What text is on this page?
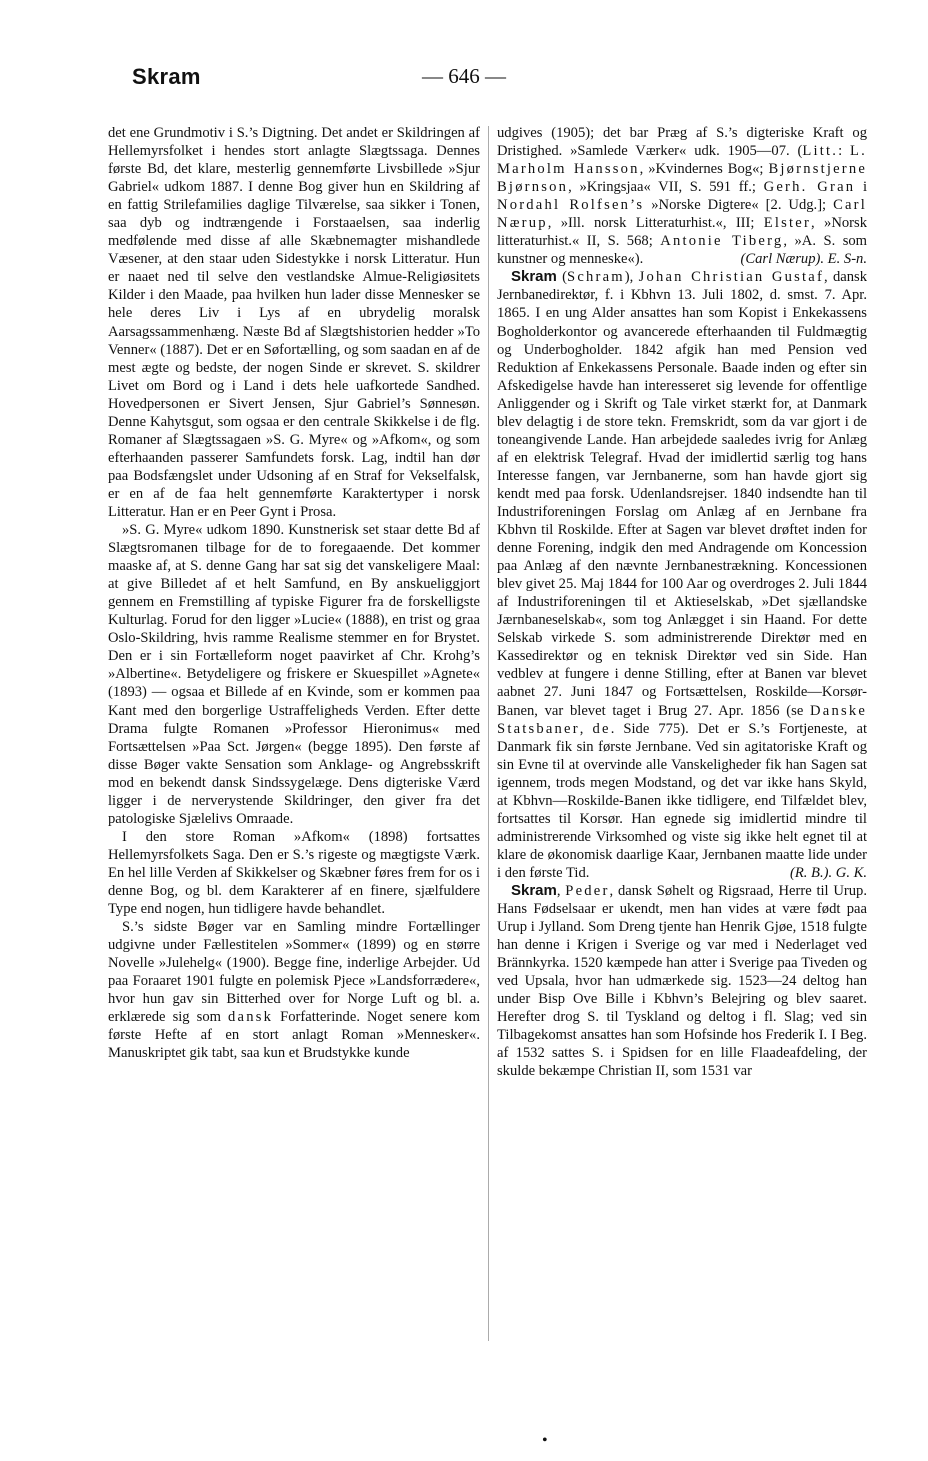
Skram	— 646 —

det ene Grundmotiv i S.’s Digtning. Det andet er Skildringen af Hellemyrsfolket i hendes stort anlagte Slægtssaga. Dennes første Bd, det klare, mesterlig gennemførte Livsbillede »Sjur Gabriel« udkom 1887. I denne Bog giver hun en Skildring af en fattig Strilefamilies daglige Tilværelse, saa sikker i Tonen, saa dyb og indtrængende i Forstaaelsen, saa inderlig medfølende med disse af alle Skæbnemagter mishandlede Væsener, at den staar uden Sidestykke i norsk Litteratur. Hun er naaet ned til selve den vestlandske Almue-Religiøsitets Kilder i den Maade, paa hvilken hun lader disse Mennesker se hele deres Liv i Lys af en ubrydelig moralsk Aarsagssammenhæng. Næste Bd af Slægtshistorien hedder »To Venner« (1887). Det er en Søfortælling, og som saadan en af de mest ægte og bedste, der nogen Sinde er skrevet. S. skildrer Livet om Bord og i Land i dets hele uafkortede Sandhed. Hovedpersonen er Sivert Jensen, Sjur Gabriel’s Sønnesøn. Denne Kahytsgut, som ogsaa er den centrale Skikkelse i de flg. Romaner af Slægtssagaen »S. G. Myre« og »Afkom«, og som efterhaanden passerer Samfundets forsk. Lag, indtil han dør paa Bodsfængslet under Udsoning af en Straf for Vekselfalsk, er en af de faa helt gennemførte Karaktertyper i norsk Litteratur. Han er en Peer Gynt i Prosa.

»S. G. Myre« udkom 1890. Kunstnerisk set staar dette Bd af Slægtsromanen tilbage for de to foregaaende. Det kommer maaske af, at S. denne Gang har sat sig det vanskeligere Maal: at give Billedet af et helt Samfund, en By anskueliggjort gennem en Fremstilling af typiske Figurer fra de forskelligste Kulturlag. Forud for den ligger »Lucie« (1888), en trist og graa Oslo-Skildring, hvis ramme Realisme stemmer en for Brystet. Den er i sin Fortælleform noget paavirket af Chr. Krohg’s »Albertine«. Betydeligere og friskere er Skuespillet »Agnete« (1893) — ogsaa et Billede af en Kvinde, som er kommen paa Kant med den borgerlige Ustraffeligheds Verden. Efter dette Drama fulgte Romanen »Professor Hieronimus« med Fortsættelsen »Paa Sct. Jørgen« (begge 1895). Den første af disse Bøger vakte Sensation som Anklage- og Angrebsskrift mod en bekendt dansk Sindssygelæge. Dens digteriske Værd ligger i de nerverystende Skildringer, den giver fra det patologiske Sjælelivs Omraade.

I den store Roman »Afkom« (1898) fortsattes Hellemyrsfolkets Saga. Den er S.’s rigeste og mægtigste Værk. En hel lille Verden af Skikkelser og Skæbner føres frem for os i denne Bog, og bl. dem Karakterer af en finere, sjælfuldere Type end nogen, hun tidligere havde behandlet.

S.’s sidste Bøger var en Samling mindre Fortællinger udgivne under Fællestitelen »Sommer« (1899) og en større Novelle »Julehelg« (1900). Begge fine, inderlige Arbejder. Ud paa Foraaret 1901 fulgte en polemisk Pjece »Landsforrædere«, hvor hun gav sin Bitterhed over for Norge Luft og bl. a. erklærede sig som dansk Forfatterinde. Noget senere kom første Hefte af en stort anlagt Roman »Mennesker«. Manuskriptet gik tabt, saa kun et Brudstykke kunde

udgives (1905); det bar Præg af S.’s digteriske Kraft og Dristighed. »Samlede Værker« udk. 1905—07. (Litt.: L. Marholm Hansson, »Kvindernes Bog«; Bjørnstjerne Bjørnson, »Kringsjaa« VII, S. 591 ff.; Gerh. Gran i Nordahl Rolfsen’s »Norske Digtere« [2. Udg.]; Carl Nærup, »Ill. norsk Litteraturhist.«, III; Elster, »Norsk litteraturhist.« II, S. 568; Antonie Tiberg, »A. S. som kunstner og menneske«).	(Carl Nærup). E. S-n.

Skram (Schram), Johan Christian Gustaf, dansk Jernbanedirektør, f. i Kbhvn 13. Juli 1802, d. smst. 7. Apr. 1865. I en ung Alder ansattes han som Kopist i Enkekassens Bogholderkontor og avancerede efterhaanden til Fuldmægtig og Underbogholder. 1842 afgik han med Pension ved Reduktion af Enkekassens Personale. Baade inden og efter sin Afskedigelse havde han interesseret sig levende for offentlige Anliggender og i Skrift og Tale virket stærkt for, at Danmark blev delagtig i de store tekn. Fremskridt, som da var gjort i de toneangivende Lande. Han arbejdede saaledes ivrig for Anlæg af en elektrisk Telegraf. Hvad der imidlertid særlig tog hans Interesse fangen, var Jernbanerne, som han havde gjort sig kendt med paa forsk. Udenlandsrejser. 1840 indsendte han til Industriforeningen Forslag om Anlæg af en Jernbane fra Kbhvn til Roskilde. Efter at Sagen var blevet drøftet inden for denne Forening, indgik den med Andragende om Koncession paa Anlæg af den nævnte Jernbanestrækning. Koncessionen blev givet 25. Maj 1844 for 100 Aar og overdroges 2. Juli 1844 af Industriforeningen til et Aktieselskab, »Det sjællandske Jærnbaneselskab«, som tog Anlægget i sin Haand. For dette Selskab virkede S. som administrerende Direktør med en Kassedirektør og en teknisk Direktør ved sin Side. Han vedblev at fungere i denne Stilling, efter at Banen var blevet aabnet 27. Juni 1847 og Fortsættelsen, Roskilde—Korsør-Banen, var blevet taget i Brug 27. Apr. 1856 (se Danske Statsbaner, de. Side 775). Det er S.’s Fortjeneste, at Danmark fik sin første Jernbane. Ved sin agitatoriske Kraft og sin Evne til at overvinde alle Vanskeligheder fik han Sagen sat igennem, trods megen Modstand, og det var ikke hans Skyld, at Kbhvn—Roskilde-Banen ikke tidligere, end Tilfældet blev, fortsattes til Korsør. Han egnede sig imidlertid mindre til administrerende Virksomhed og viste sig ikke helt egnet til at klare de økonomisk daarlige Kaar, Jernbanen maatte lide under i den første Tid.	(R. B.). G. K.

Skram, Peder, dansk Søhelt og Rigsraad, Herre til Urup. Hans Fødselsaar er ukendt, men han vides at være født paa Urup i Jylland. Som Dreng tjente han Henrik Gjøe, 1518 fulgte han denne i Krigen i Sverige og var med i Nederlaget ved Brännkyrka. 1520 kæmpede han atter i Sverige paa Tiveden og ved Upsala, hvor han udmærkede sig. 1523—24 deltog han under Bisp Ove Bille i Kbhvn’s Belejring og blev saaret. Herefter drog S. til Tyskland og deltog i fl. Slag; ved sin Tilbagekomst ansattes han som Hofsinde hos Frederik I. I Beg. af 1532 sattes S. i Spidsen for en lille Flaadeafdeling, der skulde bekæmpe Christian II, som 1531 var

•
